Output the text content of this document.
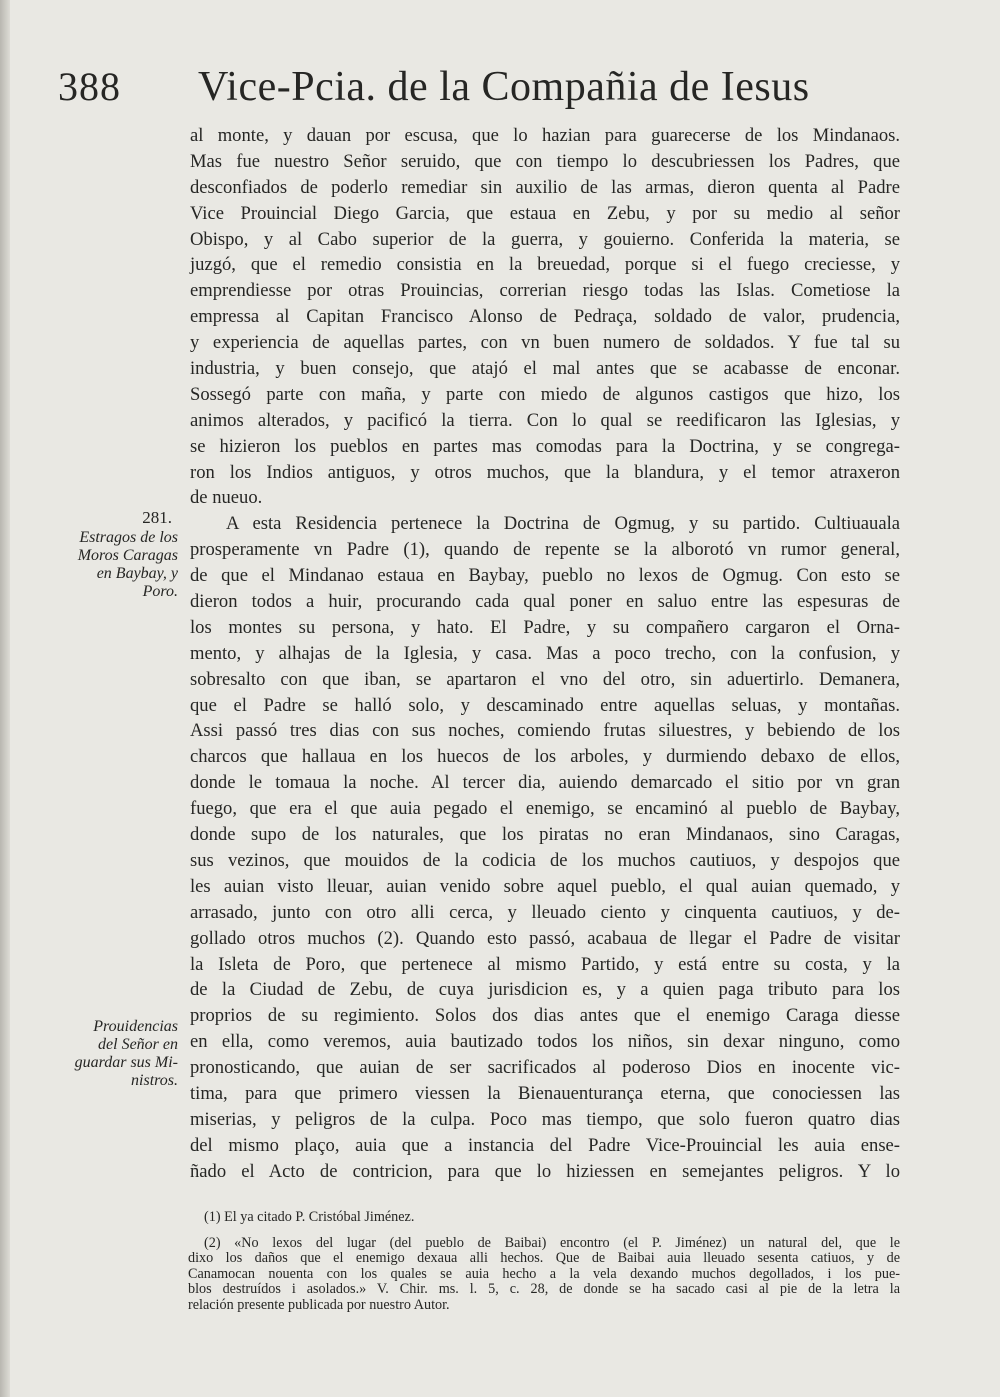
388 Vice-Pcia. de la Compañia de Iesus
al monte, y dauan por escusa, que lo hazian para guarecerse de los Mindanaos.
Mas fue nuestro Señor seruido, que con tiempo lo descubriessen los Padres, que
desconfiados de poderlo remediar sin auxilio de las armas, dieron quenta al Padre
Vice Prouincial Diego Garcia, que estaua en Zebu, y por su medio al señor
Obispo, y al Cabo superior de la guerra, y gouierno. Conferida la materia, se
juzgó, que el remedio consistia en la breuedad, porque si el fuego creciesse, y
emprendiesse por otras Prouincias, correrian riesgo todas las Islas. Cometiose la
empressa al Capitan Francisco Alonso de Pedraça, soldado de valor, prudencia,
y experiencia de aquellas partes, con vn buen numero de soldados. Y fue tal su
industria, y buen consejo, que atajó el mal antes que se acabasse de enconar.
Sossegó parte con maña, y parte con miedo de algunos castigos que hizo, los
animos alterados, y pacificó la tierra. Con lo qual se reedificaron las Iglesias, y
se hizieron los pueblos en partes mas comodas para la Doctrina, y se congrega-
ron los Indios antiguos, y otros muchos, que la blandura, y el temor atraxeron
de nueuo.
A esta Residencia pertenece la Doctrina de Ogmug, y su partido. Cultiuauala
prosperamente vn Padre (1), quando de repente se la alborotó vn rumor general,
de que el Mindanao estaua en Baybay, pueblo no lexos de Ogmug. Con esto se
dieron todos a huir, procurando cada qual poner en saluo entre las espesuras de
los montes su persona, y hato. El Padre, y su compañero cargaron el Orna-
mento, y alhajas de la Iglesia, y casa. Mas a poco trecho, con la confusion, y
sobresalto con que iban, se apartaron el vno del otro, sin aduertirlo. Demanera,
que el Padre se halló solo, y descaminado entre aquellas seluas, y montañas.
Assi passó tres dias con sus noches, comiendo frutas siluestres, y bebiendo de los
charcos que hallaua en los huecos de los arboles, y durmiendo debaxo de ellos,
donde le tomaua la noche. Al tercer dia, auiendo demarcado el sitio por vn gran
fuego, que era el que auia pegado el enemigo, se encaminó al pueblo de Baybay,
donde supo de los naturales, que los piratas no eran Mindanaos, sino Caragas,
sus vezinos, que mouidos de la codicia de los muchos cautiuos, y despojos que
les auian visto lleuar, auian venido sobre aquel pueblo, el qual auian quemado, y
arrasado, junto con otro alli cerca, y lleuado ciento y cinquenta cautiuos, y de-
gollado otros muchos (2). Quando esto passó, acabaua de llegar el Padre de visitar
la Isleta de Poro, que pertenece al mismo Partido, y está entre su costa, y la
de la Ciudad de Zebu, de cuya jurisdicion es, y a quien paga tributo para los
proprios de su regimiento. Solos dos dias antes que el enemigo Caraga diesse
en ella, como veremos, auia bautizado todos los niños, sin dexar ninguno, como
pronosticando, que auian de ser sacrificados al poderoso Dios en inocente vic-
tima, para que primero viessen la Bienauenturança eterna, que conociessen las
miserias, y peligros de la culpa. Poco mas tiempo, que solo fueron quatro dias
del mismo plaço, auia que a instancia del Padre Vice-Prouincial les auia ense-
ñado el Acto de contricion, para que lo hiziessen en semejantes peligros. Y lo
281.
Estragos de los
Moros Caragas
en Baybay, y
Poro.
Prouidencias
del Señor en
guardar sus Mi-
nistros.
(1) El ya citado P. Cristóbal Jiménez.
(2) «No lexos del lugar (del pueblo de Baibai) encontro (el P. Jiménez) un natural del, que le
dixo los daños que el enemigo dexaua alli hechos. Que de Baibai auia lleuado sesenta catiuos, y de
Canamocan nouenta con los quales se auia hecho a la vela dexando muchos degollados, i los pue-
blos destruídos i asolados.» V. Chir. ms. l. 5, c. 28, de donde se ha sacado casi al pie de la letra la
relación presente publicada por nuestro Autor.
